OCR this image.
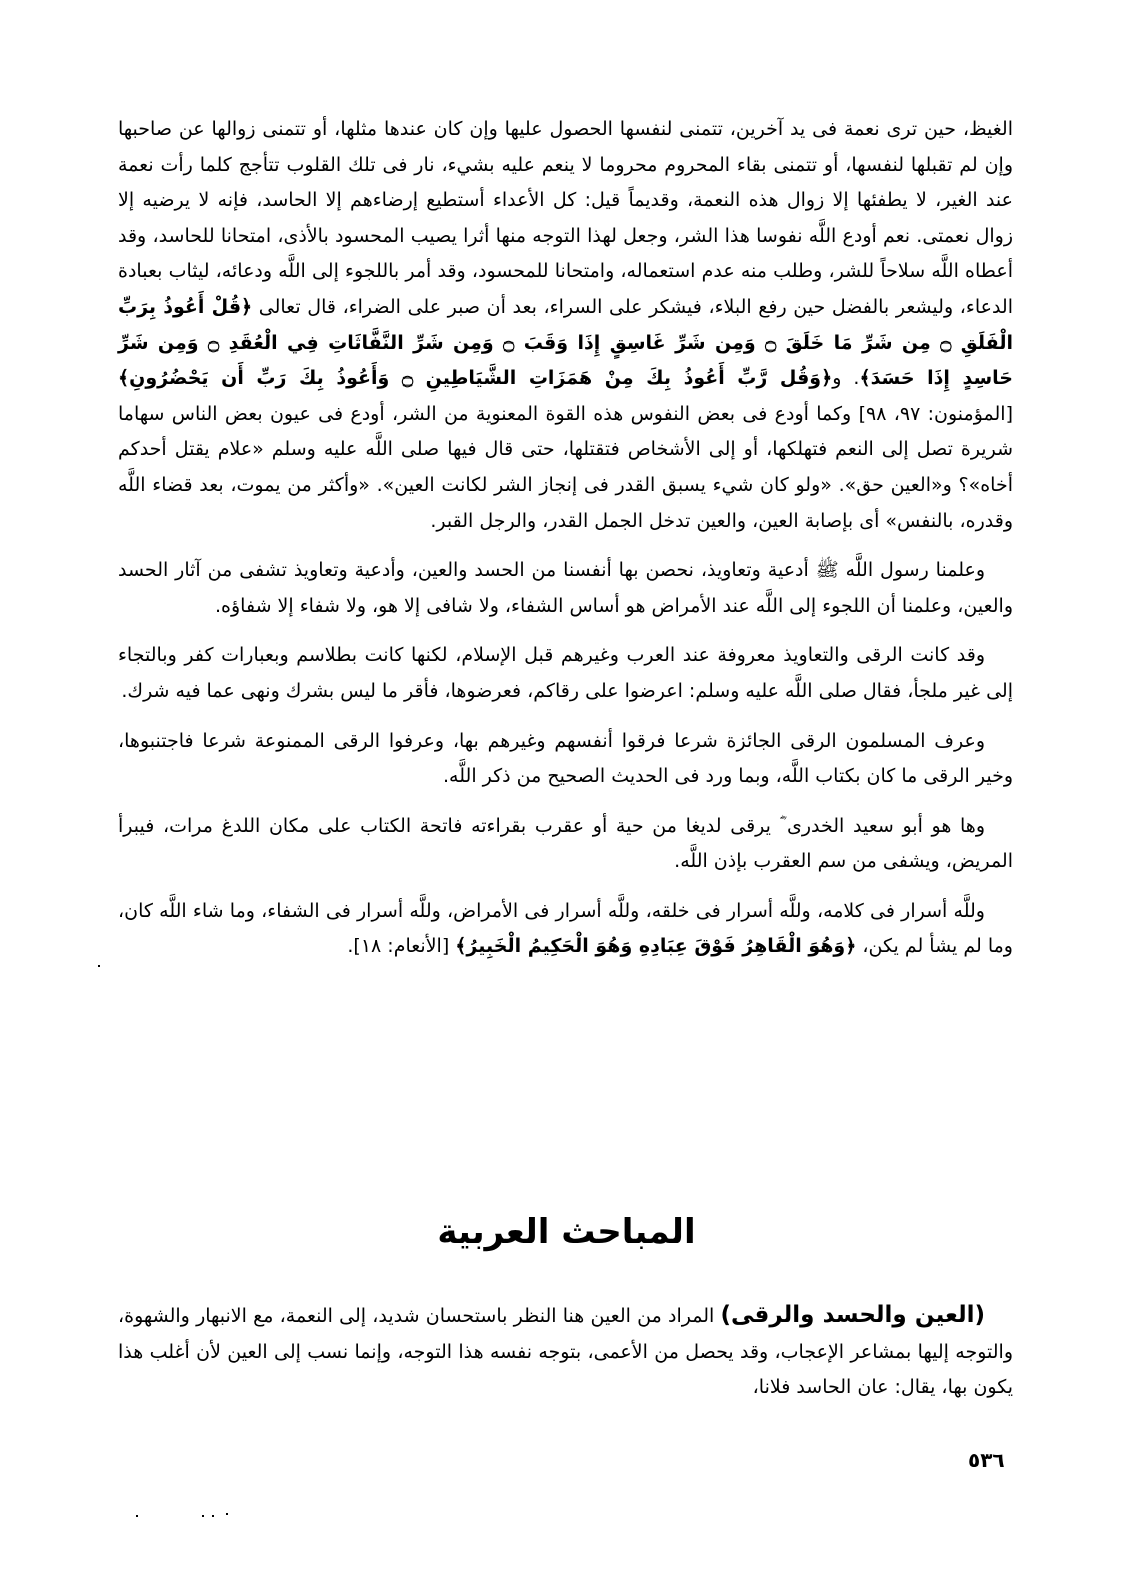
الغيظ، حين ترى نعمة فى يد آخرين، تتمنى لنفسها الحصول عليها وإن كان عندها مثلها، أو تتمنى زوالها عن صاحبها وإن لم تقبلها لنفسها، أو تتمنى بقاء المحروم محروما لا ينعم عليه بشيء، نار فى تلك القلوب تتأجج كلما رأت نعمة عند الغير، لا يطفئها إلا زوال هذه النعمة، وقديماً قيل: كل الأعداء أستطيع إرضاءهم إلا الحاسد، فإنه لا يرضيه إلا زوال نعمتى. نعم أودع اللَّه نفوسا هذا الشر، وجعل لهذا التوجه منها أثرا يصيب المحسود بالأذى، امتحانا للحاسد، وقد أعطاه اللَّه سلاحاً للشر، وطلب منه عدم استعماله، وامتحانا للمحسود، وقد أمر باللجوء إلى اللَّه ودعائه، ليثاب بعبادة الدعاء، وليشعر بالفضل حين رفع البلاء، فيشكر على السراء، بعد أن صبر على الضراء، قال تعالى ﴿قُلْ أَعُوذُ بِرَبِّ الْفَلَقِ ۝ مِن شَرِّ مَا خَلَقَ ۝ وَمِن شَرِّ غَاسِقٍ إِذَا وَقَبَ ۝ وَمِن شَرِّ النَّفَّاثَاتِ فِي الْعُقَدِ ۝ وَمِن شَرِّ حَاسِدٍ إِذَا حَسَدَ﴾. و﴿وَقُل رَّبِّ أَعُوذُ بِكَ مِنْ هَمَزَاتِ الشَّيَاطِينِ ۝ وَأَعُوذُ بِكَ رَبِّ أَن يَحْضُرُونِ﴾ [المؤمنون: ٩٧، ٩٨] وكما أودع فى بعض النفوس هذه القوة المعنوية من الشر، أودع فى عيون بعض الناس سهاما شريرة تصل إلى النعم فتهلكها، أو إلى الأشخاص فتقتلها، حتى قال فيها صلى اللَّه عليه وسلم «علام يقتل أحدكم أخاه»؟ و«العين حق». «ولو كان شيء يسبق القدر فى إنجاز الشر لكانت العين». «وأكثر من يموت، بعد قضاء اللَّه وقدره، بالنفس» أى بإصابة العين، والعين تدخل الجمل القدر، والرجل القبر.

وعلمنا رسول اللَّه ﷺ أدعية وتعاويذ، نحصن بها أنفسنا من الحسد والعين، وأدعية وتعاويذ تشفى من آثار الحسد والعين، وعلمنا أن اللجوء إلى اللَّه عند الأمراض هو أساس الشفاء، ولا شافى إلا هو، ولا شفاء إلا شفاؤه.

وقد كانت الرقى والتعاويذ معروفة عند العرب وغيرهم قبل الإسلام، لكنها كانت بطلاسم وبعبارات كفر وبالتجاء إلى غير ملجأ، فقال صلى اللَّه عليه وسلم: اعرضوا على رقاكم، فعرضوها، فأقر ما ليس بشرك ونهى عما فيه شرك.

وعرف المسلمون الرقى الجائزة شرعا فرقوا أنفسهم وغيرهم بها، وعرفوا الرقى الممنوعة شرعا فاجتنبوها، وخير الرقى ما كان بكتاب اللَّه، وبما ورد فى الحديث الصحيح من ذكر اللَّه.

وها هو أبو سعيد الخدرى ؓ يرقى لديغا من حية أو عقرب بقراءته فاتحة الكتاب على مكان اللدغ مرات، فيبرأ المريض، ويشفى من سم العقرب بإذن اللَّه.

وللَّه أسرار فى كلامه، وللَّه أسرار فى خلقه، وللَّه أسرار فى الأمراض، وللَّه أسرار فى الشفاء، وما شاء اللَّه كان، وما لم يشأ لم يكن، ﴿وَهُوَ الْقَاهِرُ فَوْقَ عِبَادِهِ وَهُوَ الْحَكِيمُ الْخَبِيرُ﴾ [الأنعام: ١٨].

المباحث العربية

(العين والحسد والرقى) المراد من العين هنا النظر باستحسان شديد، إلى النعمة، مع الانبهار والشهوة، والتوجه إليها بمشاعر الإعجاب، وقد يحصل من الأعمى، بتوجه نفسه هذا التوجه، وإنما نسب إلى العين لأن أغلب هذا يكون بها، يقال: عان الحاسد فلانا،

٥٣٦
